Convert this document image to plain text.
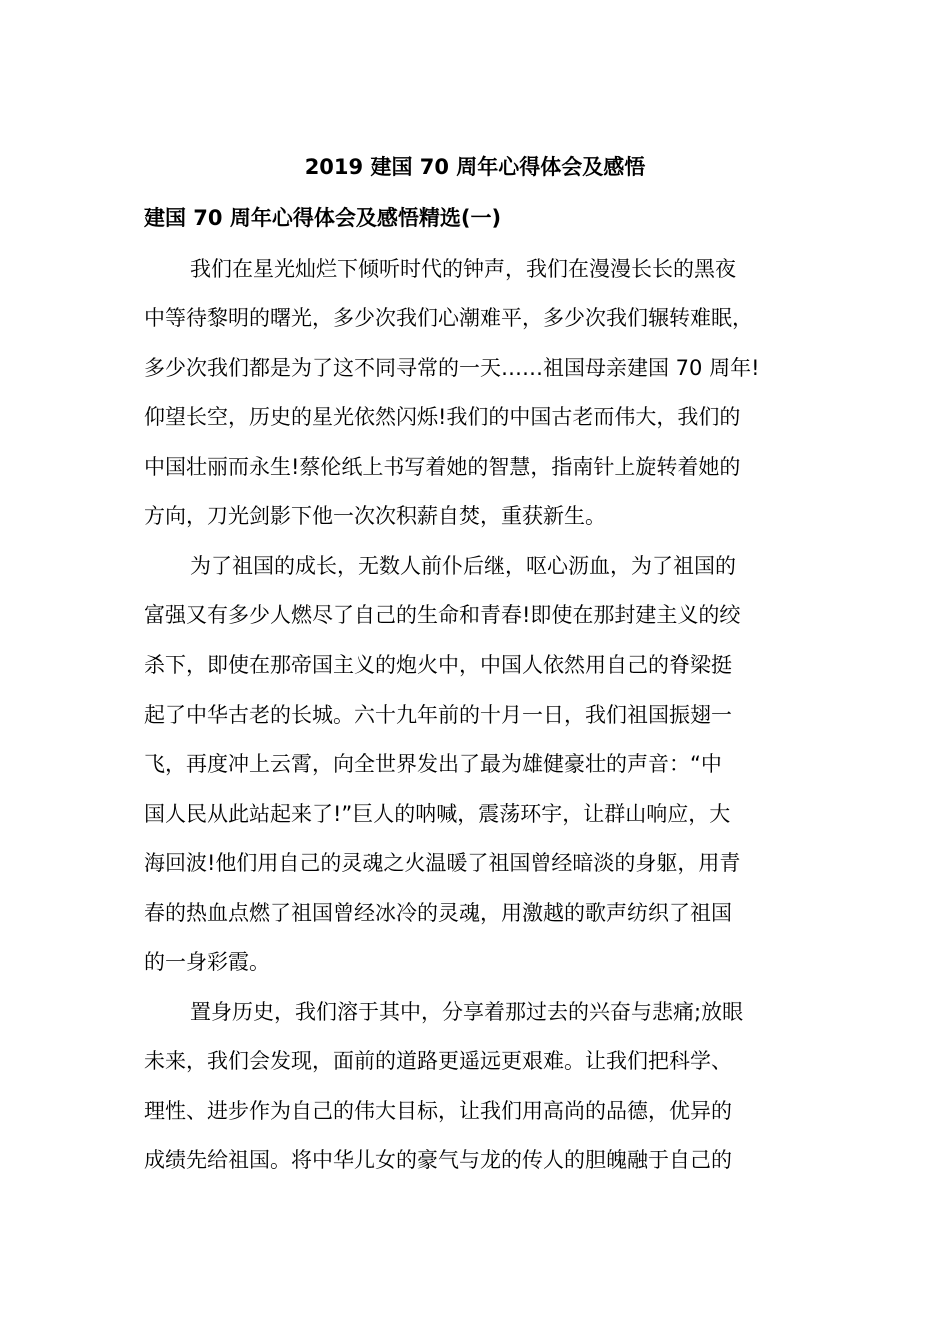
2019 建国 70 周年心得体会及感悟
建国 70 周年心得体会及感悟精选(一)
我们在星光灿烂下倾听时代的钟声，我们在漫漫长长的黑夜
中等待黎明的曙光，多少次我们心潮难平，多少次我们辗转难眠，
多少次我们都是为了这不同寻常的一天……祖国母亲建国 70 周年!
仰望长空，历史的星光依然闪烁!我们的中国古老而伟大，我们的
中国壮丽而永生!蔡伦纸上书写着她的智慧，指南针上旋转着她的
方向，刀光剑影下他一次次积薪自焚，重获新生。
为了祖国的成长，无数人前仆后继，呕心沥血，为了祖国的
富强又有多少人燃尽了自己的生命和青春!即使在那封建主义的绞
杀下，即使在那帝国主义的炮火中，中国人依然用自己的脊梁挺
起了中华古老的长城。六十九年前的十月一日，我们祖国振翅一
飞，再度冲上云霄，向全世界发出了最为雄健豪壮的声音：“中
国人民从此站起来了!”巨人的呐喊，震荡环宇，让群山响应，大
海回波!他们用自己的灵魂之火温暖了祖国曾经暗淡的身躯，用青
春的热血点燃了祖国曾经冰冷的灵魂，用激越的歌声纺织了祖国
的一身彩霞。
置身历史，我们溶于其中，分享着那过去的兴奋与悲痛;放眼
未来，我们会发现，面前的道路更遥远更艰难。让我们把科学、
理性、进步作为自己的伟大目标，让我们用高尚的品德，优异的
成绩先给祖国。将中华儿女的豪气与龙的传人的胆魄融于自己的
